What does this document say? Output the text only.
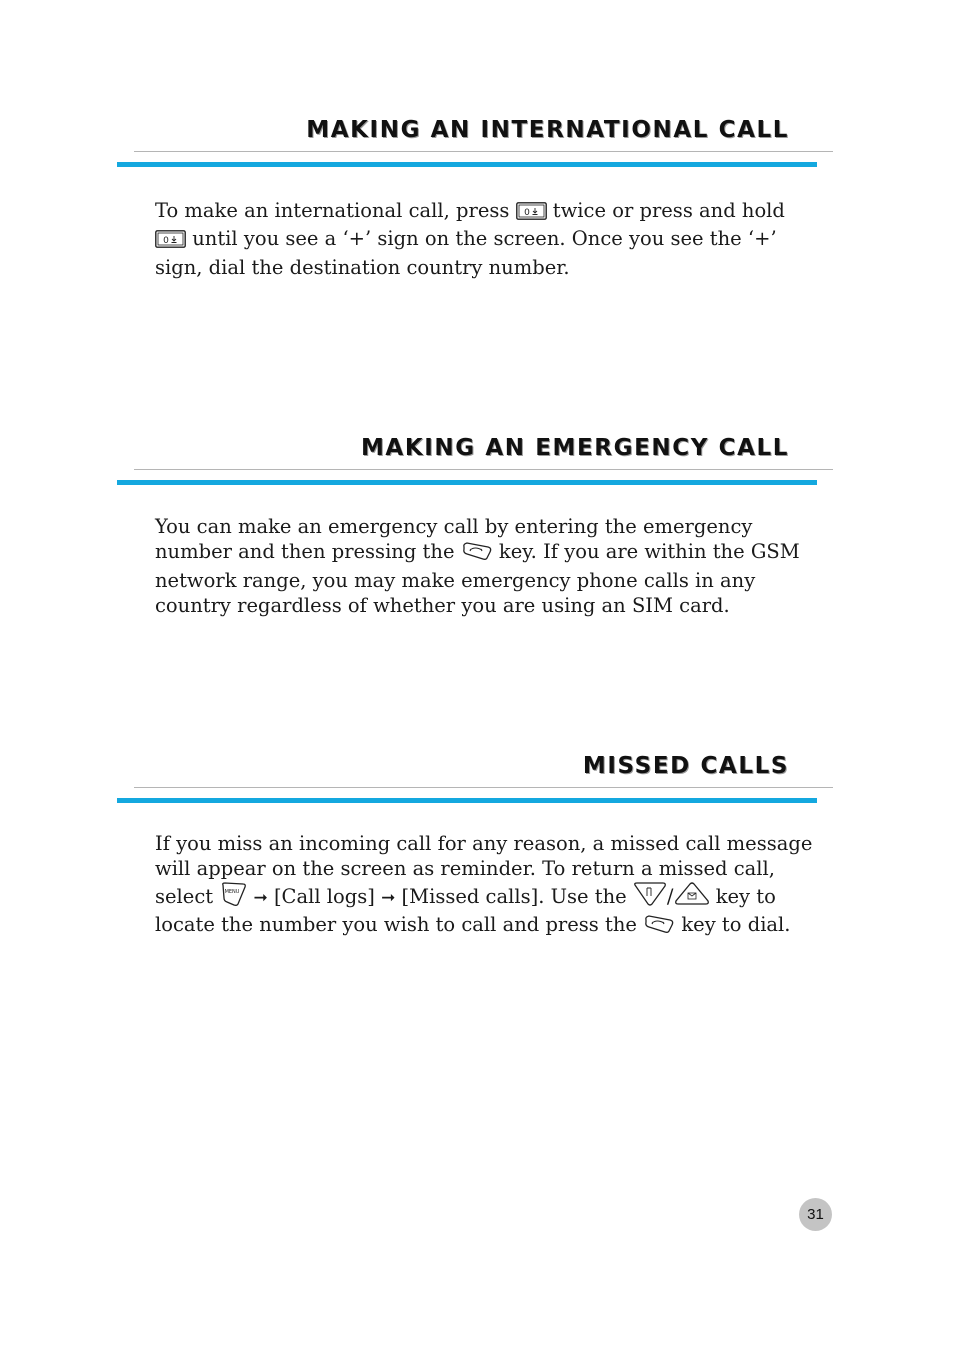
MAKING AN INTERNATIONAL CALL

To make an international call, press 0 twice or press and hold
0 until you see a ‘+’ sign on the screen. Once you see the ‘+’ sign, dial the destination country number.

MAKING AN EMERGENCY CALL

You can make an emergency call by entering the emergency number and then pressing the key. If you are within the GSM network range, you may make emergency phone calls in any country regardless of whether you are using an SIM card.

MISSED CALLS

If you miss an incoming call for any reason, a missed call message will appear on the screen as reminder. To return a missed call, select MENU ➞ [Call logs] ➞ [Missed calls]. Use the / key to locate the number you wish to call and press the key to dial.

31
